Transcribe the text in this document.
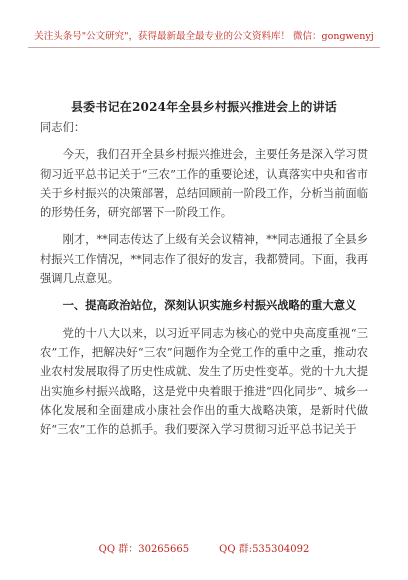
关注头条号"公文研究"，获得最新最全最专业的公文资料库！ 微信：gongwenyj
县委书记在2024年全县乡村振兴推进会上的讲话

同志们：

今天，我们召开全县乡村振兴推进会，主要任务是深入学习贯彻习近平总书记关于“三农”工作的重要论述，认真落实中央和省市关于乡村振兴的决策部署，总结回顾前一阶段工作，分析当前面临的形势任务，研究部署下一阶段工作。

刚才，**同志传达了上级有关会议精神，**同志通报了全县乡村振兴工作情况，**同志作了很好的发言，我都赞同。下面，我再强调几点意见。

一、提高政治站位，深刻认识实施乡村振兴战略的重大意义

党的十八大以来，以习近平同志为核心的党中央高度重视“三农”工作，把解决好“三农”问题作为全党工作的重中之重，推动农业农村发展取得了历史性成就、发生了历史性变革。党的十九大提出实施乡村振兴战略，这是党中央着眼于推进“四化同步”、城乡一体化发展和全面建成小康社会作出的重大战略决策，是新时代做好“三农”工作的总抓手。我们要深入学习贯彻习近平总书记关于

QQ 群：30265665	QQ 群:535304092
